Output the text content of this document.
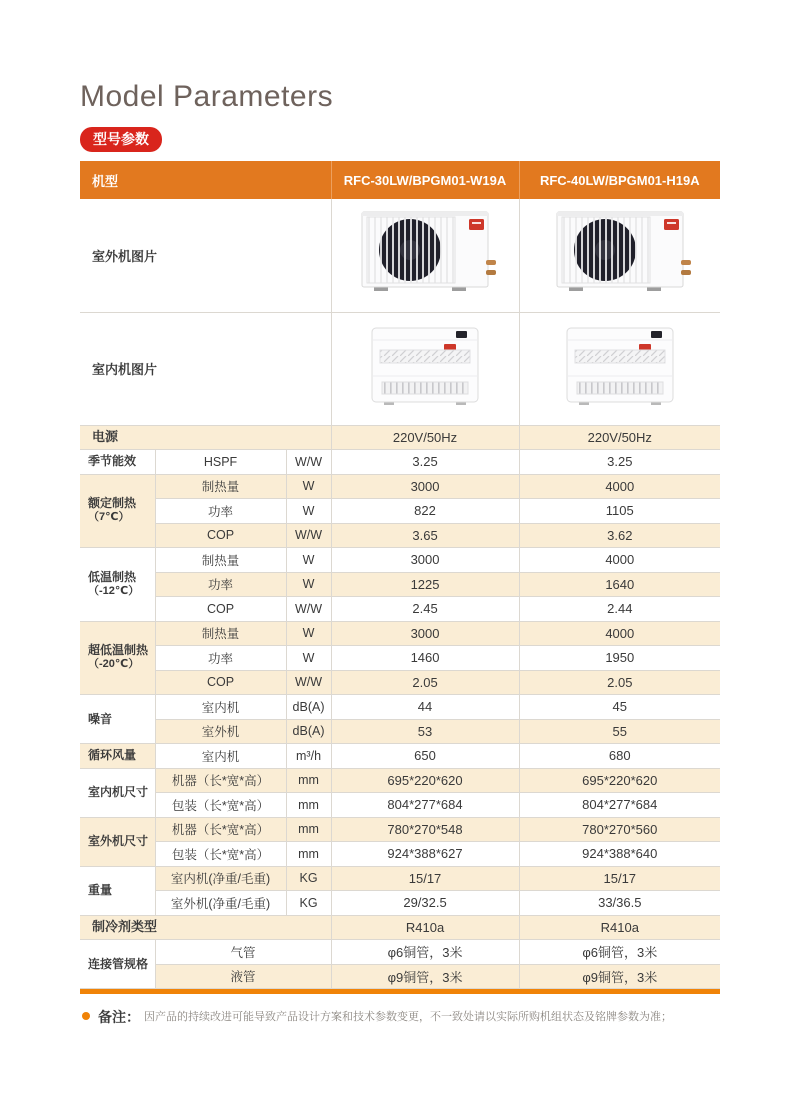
Model Parameters
型号参数
机型			RFC-30LW/BPGM01-W19A	RFC-40LW/BPGM01-H19A
室外机图片		
室内机图片		
电源			220V/50Hz	220V/50Hz
季节能效	HSPF	W/W	3.25	3.25
额定制热
（7℃）	制热量	W	3000	4000
	功率	W	822	1105
	COP	W/W	3.65	3.62
低温制热
（-12℃）	制热量	W	3000	4000
	功率	W	1225	1640
	COP	W/W	2.45	2.44
超低温制热
（-20℃）	制热量	W	3000	4000
	功率	W	1460	1950
	COP	W/W	2.05	2.05
噪音	室内机	dB(A)	44	45
	室外机	dB(A)	53	55
循环风量	室内机	m³/h	650	680
室内机尺寸	机器（长*宽*高）	mm	695*220*620	695*220*620
	包装（长*宽*高）	mm	804*277*684	804*277*684
室外机尺寸	机器（长*宽*高）	mm	780*270*548	780*270*560
	包装（长*宽*高）	mm	924*388*627	924*388*640
重量	室内机(净重/毛重)	KG	15/17	15/17
	室外机(净重/毛重)	KG	29/32.5	33/36.5
制冷剂类型			R410a	R410a
连接管规格	气管		φ6铜管，3米	φ6铜管，3米
	液管		φ9铜管，3米	φ9铜管，3米
备注： 因产品的持续改进可能导致产品设计方案和技术参数变更，不一致处请以实际所购机组状态及铭牌参数为准；
